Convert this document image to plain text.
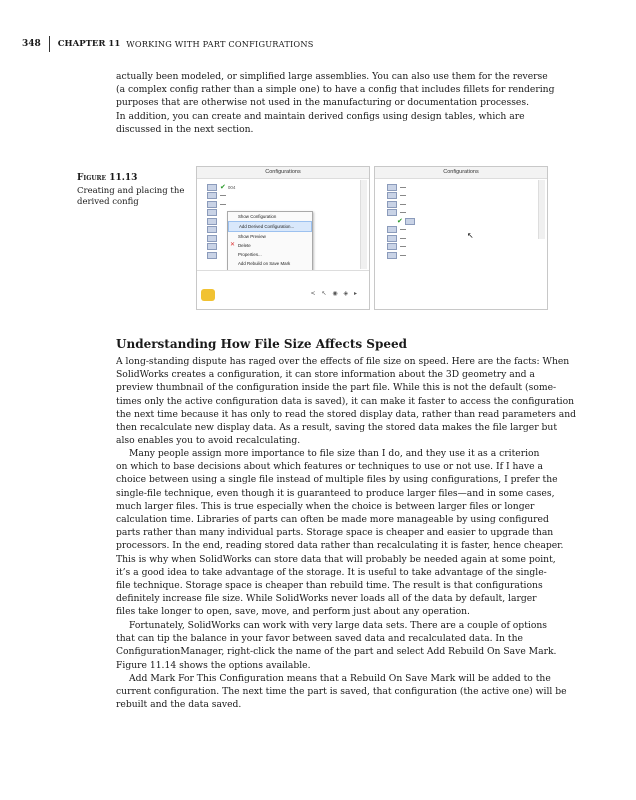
348 CHAPTER 11 WORKING WITH PART CONFIGURATIONS

actually been modeled, or simplified large assemblies. You can also use them for the reverse
(a complex config rather than a simple one) to have a config that includes fillets for rendering
purposes that are otherwise not used in the manufacturing or documentation processes.
In addition, you can create and maintain derived configs using design tables, which are
discussed in the next section.

Figure 11.13
Creating and placing the
derived config
Configurations
✔ 004
Show Configuration
Add Derived Configuration...
Show Preview
✕ Delete
Properties...
Add Rebuild on Save Mark
< ↖ ◉ ◈ ▸
Configurations
✔
↖
Understanding How File Size Affects Speed

A long-standing dispute has raged over the effects of file size on speed. Here are the facts: When
SolidWorks creates a configuration, it can store information about the 3D geometry and a
preview thumbnail of the configuration inside the part file. While this is not the default (some-
times only the active configuration data is saved), it can make it faster to access the configuration
the next time because it has only to read the stored display data, rather than read parameters and
then recalculate new display data. As a result, saving the stored data makes the file larger but
also enables you to avoid recalculating.

Many people assign more importance to file size than I do, and they use it as a criterion
on which to base decisions about which features or techniques to use or not use. If I have a
choice between using a single file instead of multiple files by using configurations, I prefer the
single-file technique, even though it is guaranteed to produce larger files—and in some cases,
much larger files. This is true especially when the choice is between larger files or longer
calculation time. Libraries of parts can often be made more manageable by using configured
parts rather than many individual parts. Storage space is cheaper and easier to upgrade than
processors. In the end, reading stored data rather than recalculating it is faster, hence cheaper.
This is why when SolidWorks can store data that will probably be needed again at some point,
it’s a good idea to take advantage of the storage. It is useful to take advantage of the single-
file technique. Storage space is cheaper than rebuild time. The result is that configurations
definitely increase file size. While SolidWorks never loads all of the data by default, larger
files take longer to open, save, move, and perform just about any operation.

Fortunately, SolidWorks can work with very large data sets. There are a couple of options
that can tip the balance in your favor between saved data and recalculated data. In the
ConfigurationManager, right-click the name of the part and select Add Rebuild On Save Mark.
Figure 11.14 shows the options available.

Add Mark For This Configuration means that a Rebuild On Save Mark will be added to the
current configuration. The next time the part is saved, that configuration (the active one) will be
rebuilt and the data saved.
